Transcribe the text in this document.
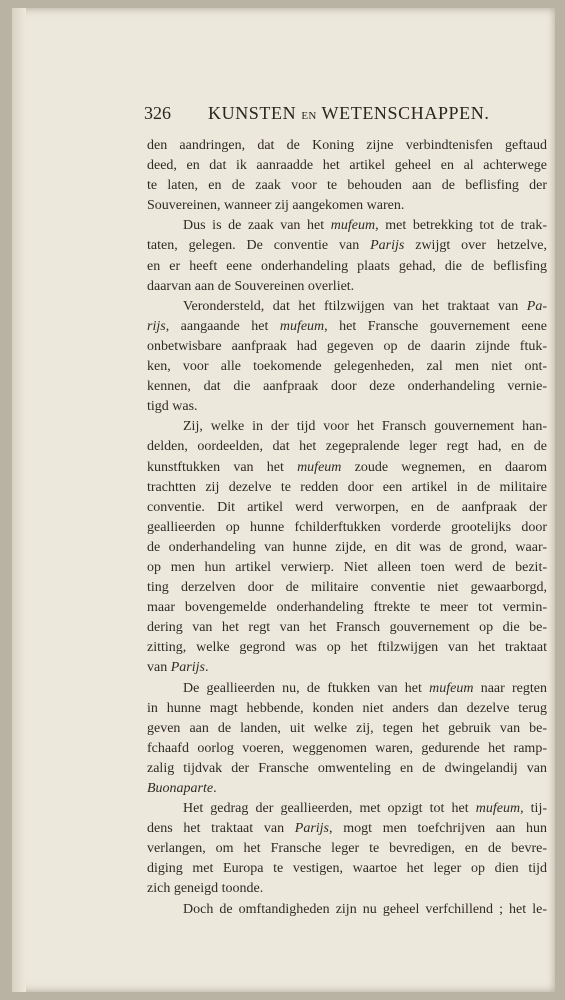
326 KUNSTEN EN WETENSCHAPPEN.
den aandringen, dat de Koning zijne verbindtenisfen geftaud
deed, en dat ik aanraadde het artikel geheel en al achterwege
te laten, en de zaak voor te behouden aan de beflisfing der
Souvereinen, wanneer zij aangekomen waren.
Dus is de zaak van het mufeum, met betrekking tot de trak-
taten, gelegen. De conventie van Parijs zwijgt over hetzelve,
en er heeft eene onderhandeling plaats gehad, die de beflisfing
daarvan aan de Souvereinen overliet.
Verondersteld, dat het ftilzwijgen van het traktaat van Pa-
rijs, aangaande het mufeum, het Fransche gouvernement eene
onbetwisbare aanfpraak had gegeven op de daarin zijnde ftuk-
ken, voor alle toekomende gelegenheden, zal men niet ont-
kennen, dat die aanfpraak door deze onderhandeling vernie-
tigd was.
Zij, welke in der tijd voor het Fransch gouvernement han-
delden, oordeelden, dat het zegepralende leger regt had, en de
kunstftukken van het mufeum zoude wegnemen, en daarom
trachtten zij dezelve te redden door een artikel in de militaire
conventie. Dit artikel werd verworpen, en de aanfpraak der
geallieerden op hunne fchilderftukken vorderde grootelijks door
de onderhandeling van hunne zijde, en dit was de grond, waar-
op men hun artikel verwierp. Niet alleen toen werd de bezit-
ting derzelven door de militaire conventie niet gewaarborgd,
maar bovengemelde onderhandeling ftrekte te meer tot vermin-
dering van het regt van het Fransch gouvernement op die be-
zitting, welke gegrond was op het ftilzwijgen van het traktaat
van Parijs.
De geallieerden nu, de ftukken van het mufeum naar regten
in hunne magt hebbende, konden niet anders dan dezelve terug
geven aan de landen, uit welke zij, tegen het gebruik van be-
fchaafd oorlog voeren, weggenomen waren, gedurende het ramp-
zalig tijdvak der Fransche omwenteling en de dwingelandij van
Buonaparte.
Het gedrag der geallieerden, met opzigt tot het mufeum, tij-
dens het traktaat van Parijs, mogt men toefchrijven aan hun
verlangen, om het Fransche leger te bevredigen, en de bevre-
diging met Europa te vestigen, waartoe het leger op dien tijd
zich geneigd toonde.
Doch de omftandigheden zijn nu geheel verfchillend ; het le-
